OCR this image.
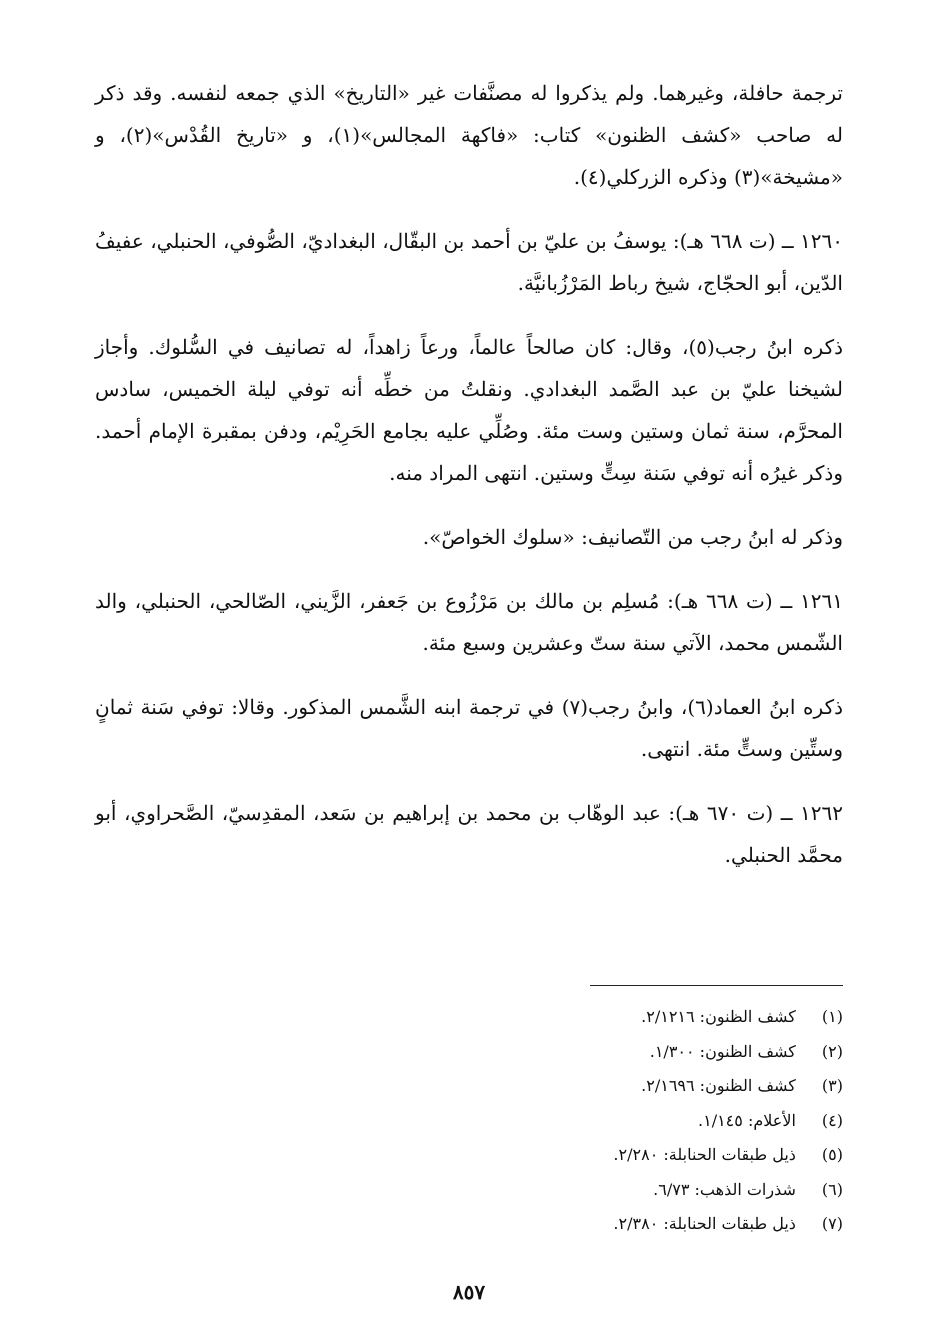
ترجمة حافلة، وغيرهما. ولم يذكروا له مصنَّفات غير «التاريخ» الذي جمعه لنفسه. وقد ذكر له صاحب «كشف الظنون» كتاب: «فاكهة المجالس»(١)، و «تاريخ القُدْس»(٢)، و «مشيخة»(٣) وذكره الزركلي(٤).

١٢٦٠ ــ (ت ٦٦٨ هـ): يوسفُ بن عليّ بن أحمد بن البقّال، البغداديّ، الصُّوفي، الحنبلي، عفيفُ الدّين، أبو الحجّاج، شيخ رباط المَرْزُبانيَّة.

ذكره ابنُ رجب(٥)، وقال: كان صالحاً عالماً، ورعاً زاهداً، له تصانيف في السُّلوك. وأجاز لشيخنا عليّ بن عبد الصَّمد البغدادي. ونقلتُ من خطِّه أنه توفي ليلة الخميس، سادس المحرَّم، سنة ثمان وستين وست مئة. وصُلِّي عليه بجامع الحَرِيْم، ودفن بمقبرة الإمام أحمد. وذكر غيرُه أنه توفي سَنة سِتٍّ وستين. انتهى المراد منه.

وذكر له ابنُ رجب من التّصانيف: «سلوك الخواصّ».

١٢٦١ ــ (ت ٦٦٨ هـ): مُسلِم بن مالك بن مَرْزُوع بن جَعفر، الزَّيني، الصّالحي، الحنبلي، والد الشّمس محمد، الآتي سنة ستّ وعشرين وسبع مئة.

ذكره ابنُ العماد(٦)، وابنُ رجب(٧) في ترجمة ابنه الشَّمس المذكور. وقالا: توفي سَنة ثمانٍ وستِّين وستٍّ مئة. انتهى.

١٢٦٢ ــ (ت ٦٧٠ هـ): عبد الوهّاب بن محمد بن إبراهيم بن سَعد، المقدِسيّ، الصَّحراوي، أبو محمَّد الحنبلي.

(١) كشف الظنون: ٢/١٢١٦.
(٢) كشف الظنون: ١/٣٠٠.
(٣) كشف الظنون: ٢/١٦٩٦.
(٤) الأعلام: ١/١٤٥.
(٥) ذيل طبقات الحنابلة: ٢/٢٨٠.
(٦) شذرات الذهب: ٦/٧٣.
(٧) ذيل طبقات الحنابلة: ٢/٣٨٠.
٨٥٧
